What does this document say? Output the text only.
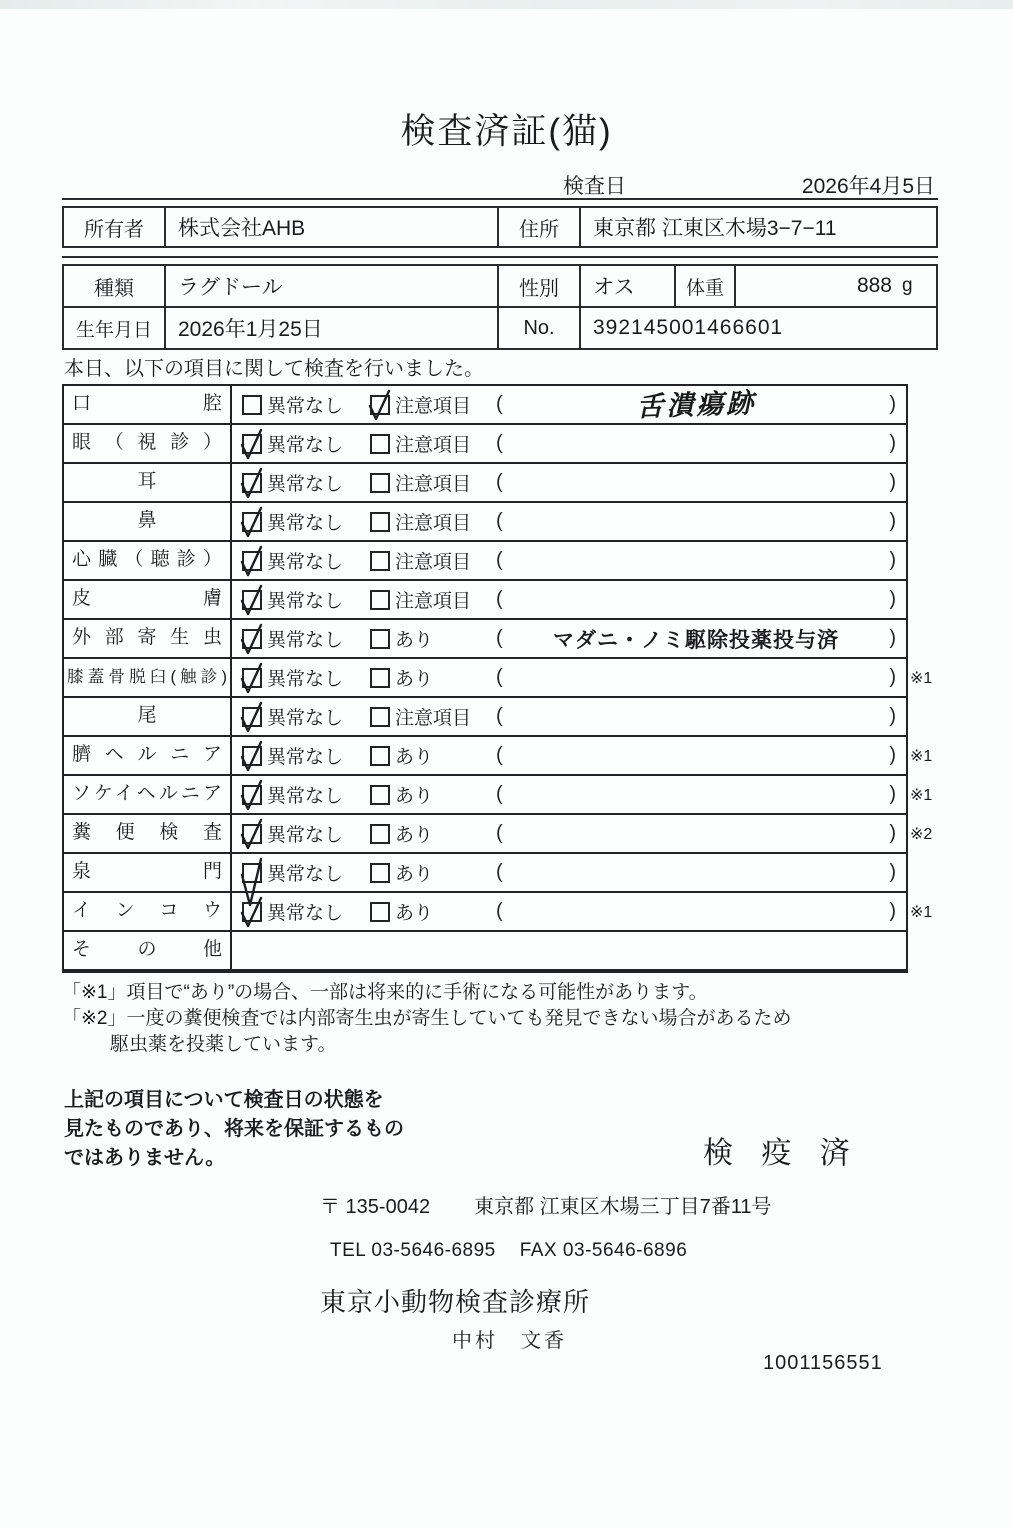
検査済証(猫)
検査日	2026年4月5日
所有者	株式会社AHB	住所	東京都 江東区木場3−7−11
種類	ラグドール	性別	オス	体重	888 g
生年月日	2026年1月25日	No.	392145001466601
本日、以下の項目に関して検査を行いました。
口腔	異常なし	注意項目 (	舌潰瘍跡	)
眼（視診）	異常なし	注意項目 (	)
耳	異常なし	注意項目 (	)
鼻	異常なし	注意項目 (	)
心臓（聴診）	異常なし	注意項目 (	)
皮膚	異常なし	注意項目 (	)
外部寄生虫	異常なし	あり	(	マダニ・ノミ駆除投薬投与済	)
膝蓋骨脱臼(触診) 異常なし	あり	(	) ※1
尾	異常なし	注意項目 (	)
臍ヘルニア	異常なし	あり	(	) ※1
ソケイヘルニア	異常なし	あり	(	) ※1
糞便検査	異常なし	あり	(	) ※2
泉門	異常なし	あり	(	)
インコウ	異常なし	あり	(	) ※1
その他
「※1」項目で“あり”の場合、一部は将来的に手術になる可能性があります。
「※2」一度の糞便検査では内部寄生虫が寄生していても発見できない場合があるため
駆虫薬を投薬しています。
上記の項目について検査日の状態を
見たものであり、将来を保証するもの
ではありません。	検 疫 済
〒 135-0042 東京都 江東区木場三丁目7番11号
TEL 03-5646-6895 FAX 03-5646-6896
東京小動物検査診療所
中村　文香
1001156551
